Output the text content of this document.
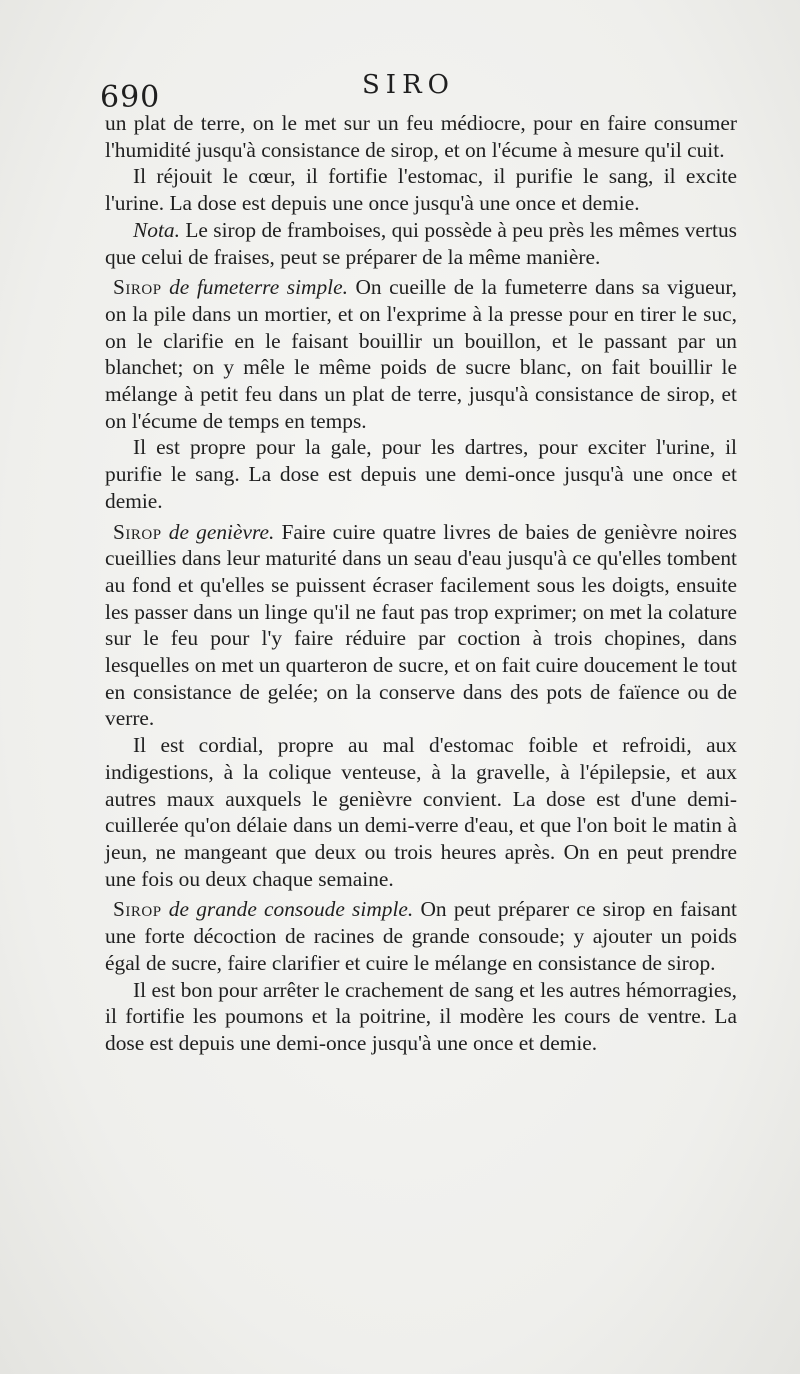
690	SIRO

un plat de terre, on le met sur un feu médiocre, pour en faire consumer l'humidité jusqu'à consistance de sirop, et on l'écume à mesure qu'il cuit.

Il réjouit le cœur, il fortifie l'estomac, il purifie le sang, il excite l'urine. La dose est depuis une once jusqu'à une once et demie.

Nota. Le sirop de framboises, qui possède à peu près les mêmes vertus que celui de fraises, peut se préparer de la même manière.

Sirop de fumeterre simple. On cueille de la fumeterre dans sa vigueur, on la pile dans un mortier, et on l'exprime à la presse pour en tirer le suc, on le clarifie en le faisant bouillir un bouillon, et le passant par un blanchet; on y mêle le même poids de sucre blanc, on fait bouillir le mélange à petit feu dans un plat de terre, jusqu'à consistance de sirop, et on l'écume de temps en temps.

Il est propre pour la gale, pour les dartres, pour exciter l'urine, il purifie le sang. La dose est depuis une demi-once jusqu'à une once et demie.

Sirop de genièvre. Faire cuire quatre livres de baies de genièvre noires cueillies dans leur maturité dans un seau d'eau jusqu'à ce qu'elles tombent au fond et qu'elles se puissent écraser facilement sous les doigts, ensuite les passer dans un linge qu'il ne faut pas trop exprimer; on met la colature sur le feu pour l'y faire réduire par coction à trois chopines, dans lesquelles on met un quarteron de sucre, et on fait cuire doucement le tout en consistance de gelée; on la conserve dans des pots de faïence ou de verre.

Il est cordial, propre au mal d'estomac foible et refroidi, aux indigestions, à la colique venteuse, à la gravelle, à l'épilepsie, et aux autres maux auxquels le genièvre convient. La dose est d'une demi-cuillerée qu'on délaie dans un demi-verre d'eau, et que l'on boit le matin à jeun, ne mangeant que deux ou trois heures après. On en peut prendre une fois ou deux chaque semaine.

Sirop de grande consoude simple. On peut préparer ce sirop en faisant une forte décoction de racines de grande consoude; y ajouter un poids égal de sucre, faire clarifier et cuire le mélange en consistance de sirop.

Il est bon pour arrêter le crachement de sang et les autres hémorragies, il fortifie les poumons et la poitrine, il modère les cours de ventre. La dose est depuis une demi-once jusqu'à une once et demie.
